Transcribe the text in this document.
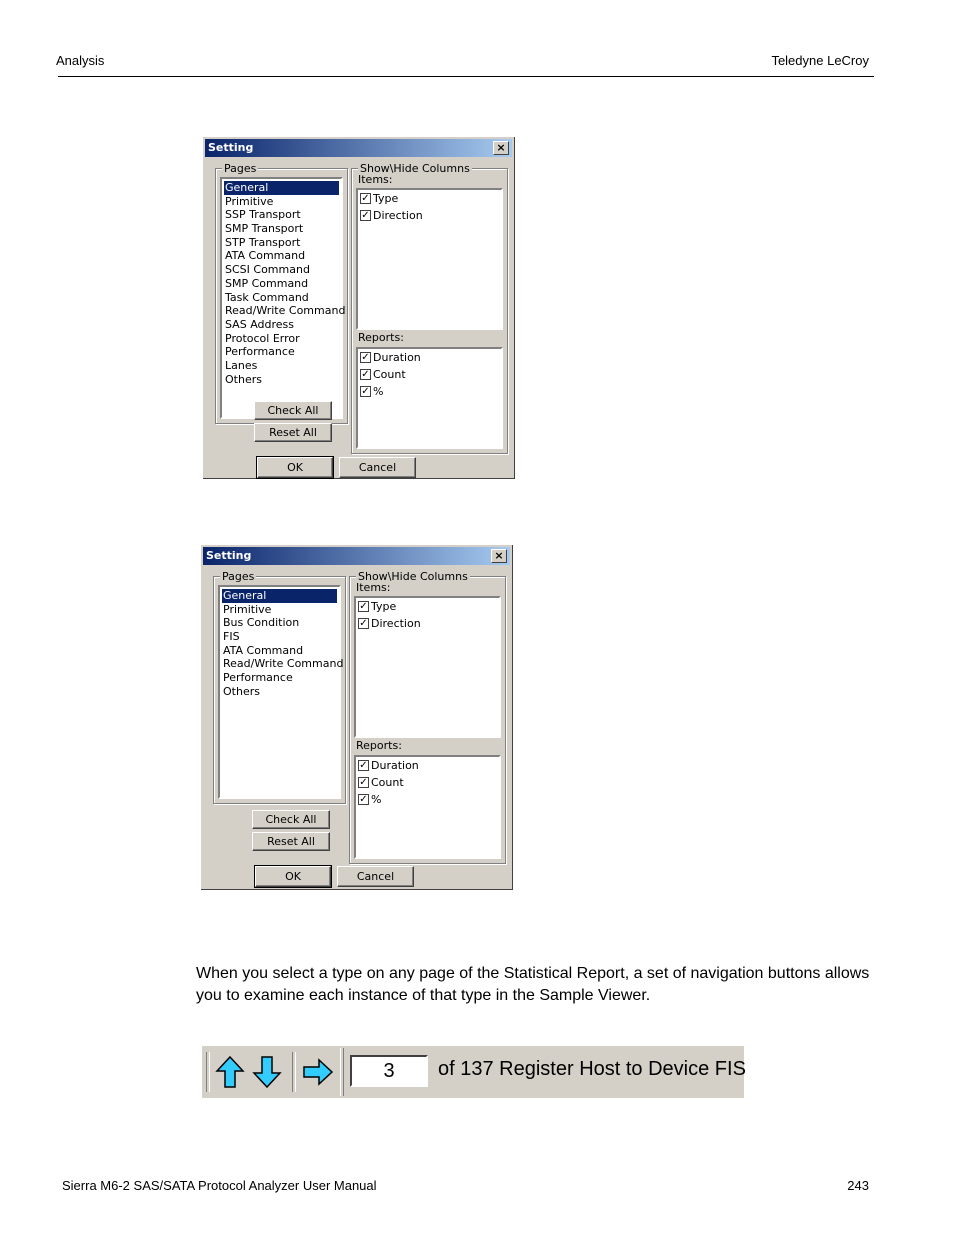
Analysis	Teledyne LeCroy
Setting	×
Pages
General
Primitive
SSP Transport
SMP Transport
STP Transport
ATA Command
SCSI Command
SMP Command
Task Command
Read/Write Command
SAS Address
Protocol Error
Performance
Lanes
Others
Show\Hide Columns
Items:
✓ Type
✓ Direction
Reports:
✓ Duration
✓ Count
✓ %
Check All
Reset All
OK	Cancel
Setting	×
Pages
General
Primitive
Bus Condition
FIS
ATA Command
Read/Write Command
Performance
Others
Show\Hide Columns
Items:
✓ Type
✓ Direction
Reports:
✓ Duration
✓ Count
✓ %
Check All
Reset All
OK	Cancel
When you select a type on any page of the Statistical Report, a set of navigation buttons allows you to examine each instance of that type in the Sample Viewer.
3	of 137 Register Host to Device FIS
Sierra M6-2 SAS/SATA Protocol Analyzer User Manual	243
